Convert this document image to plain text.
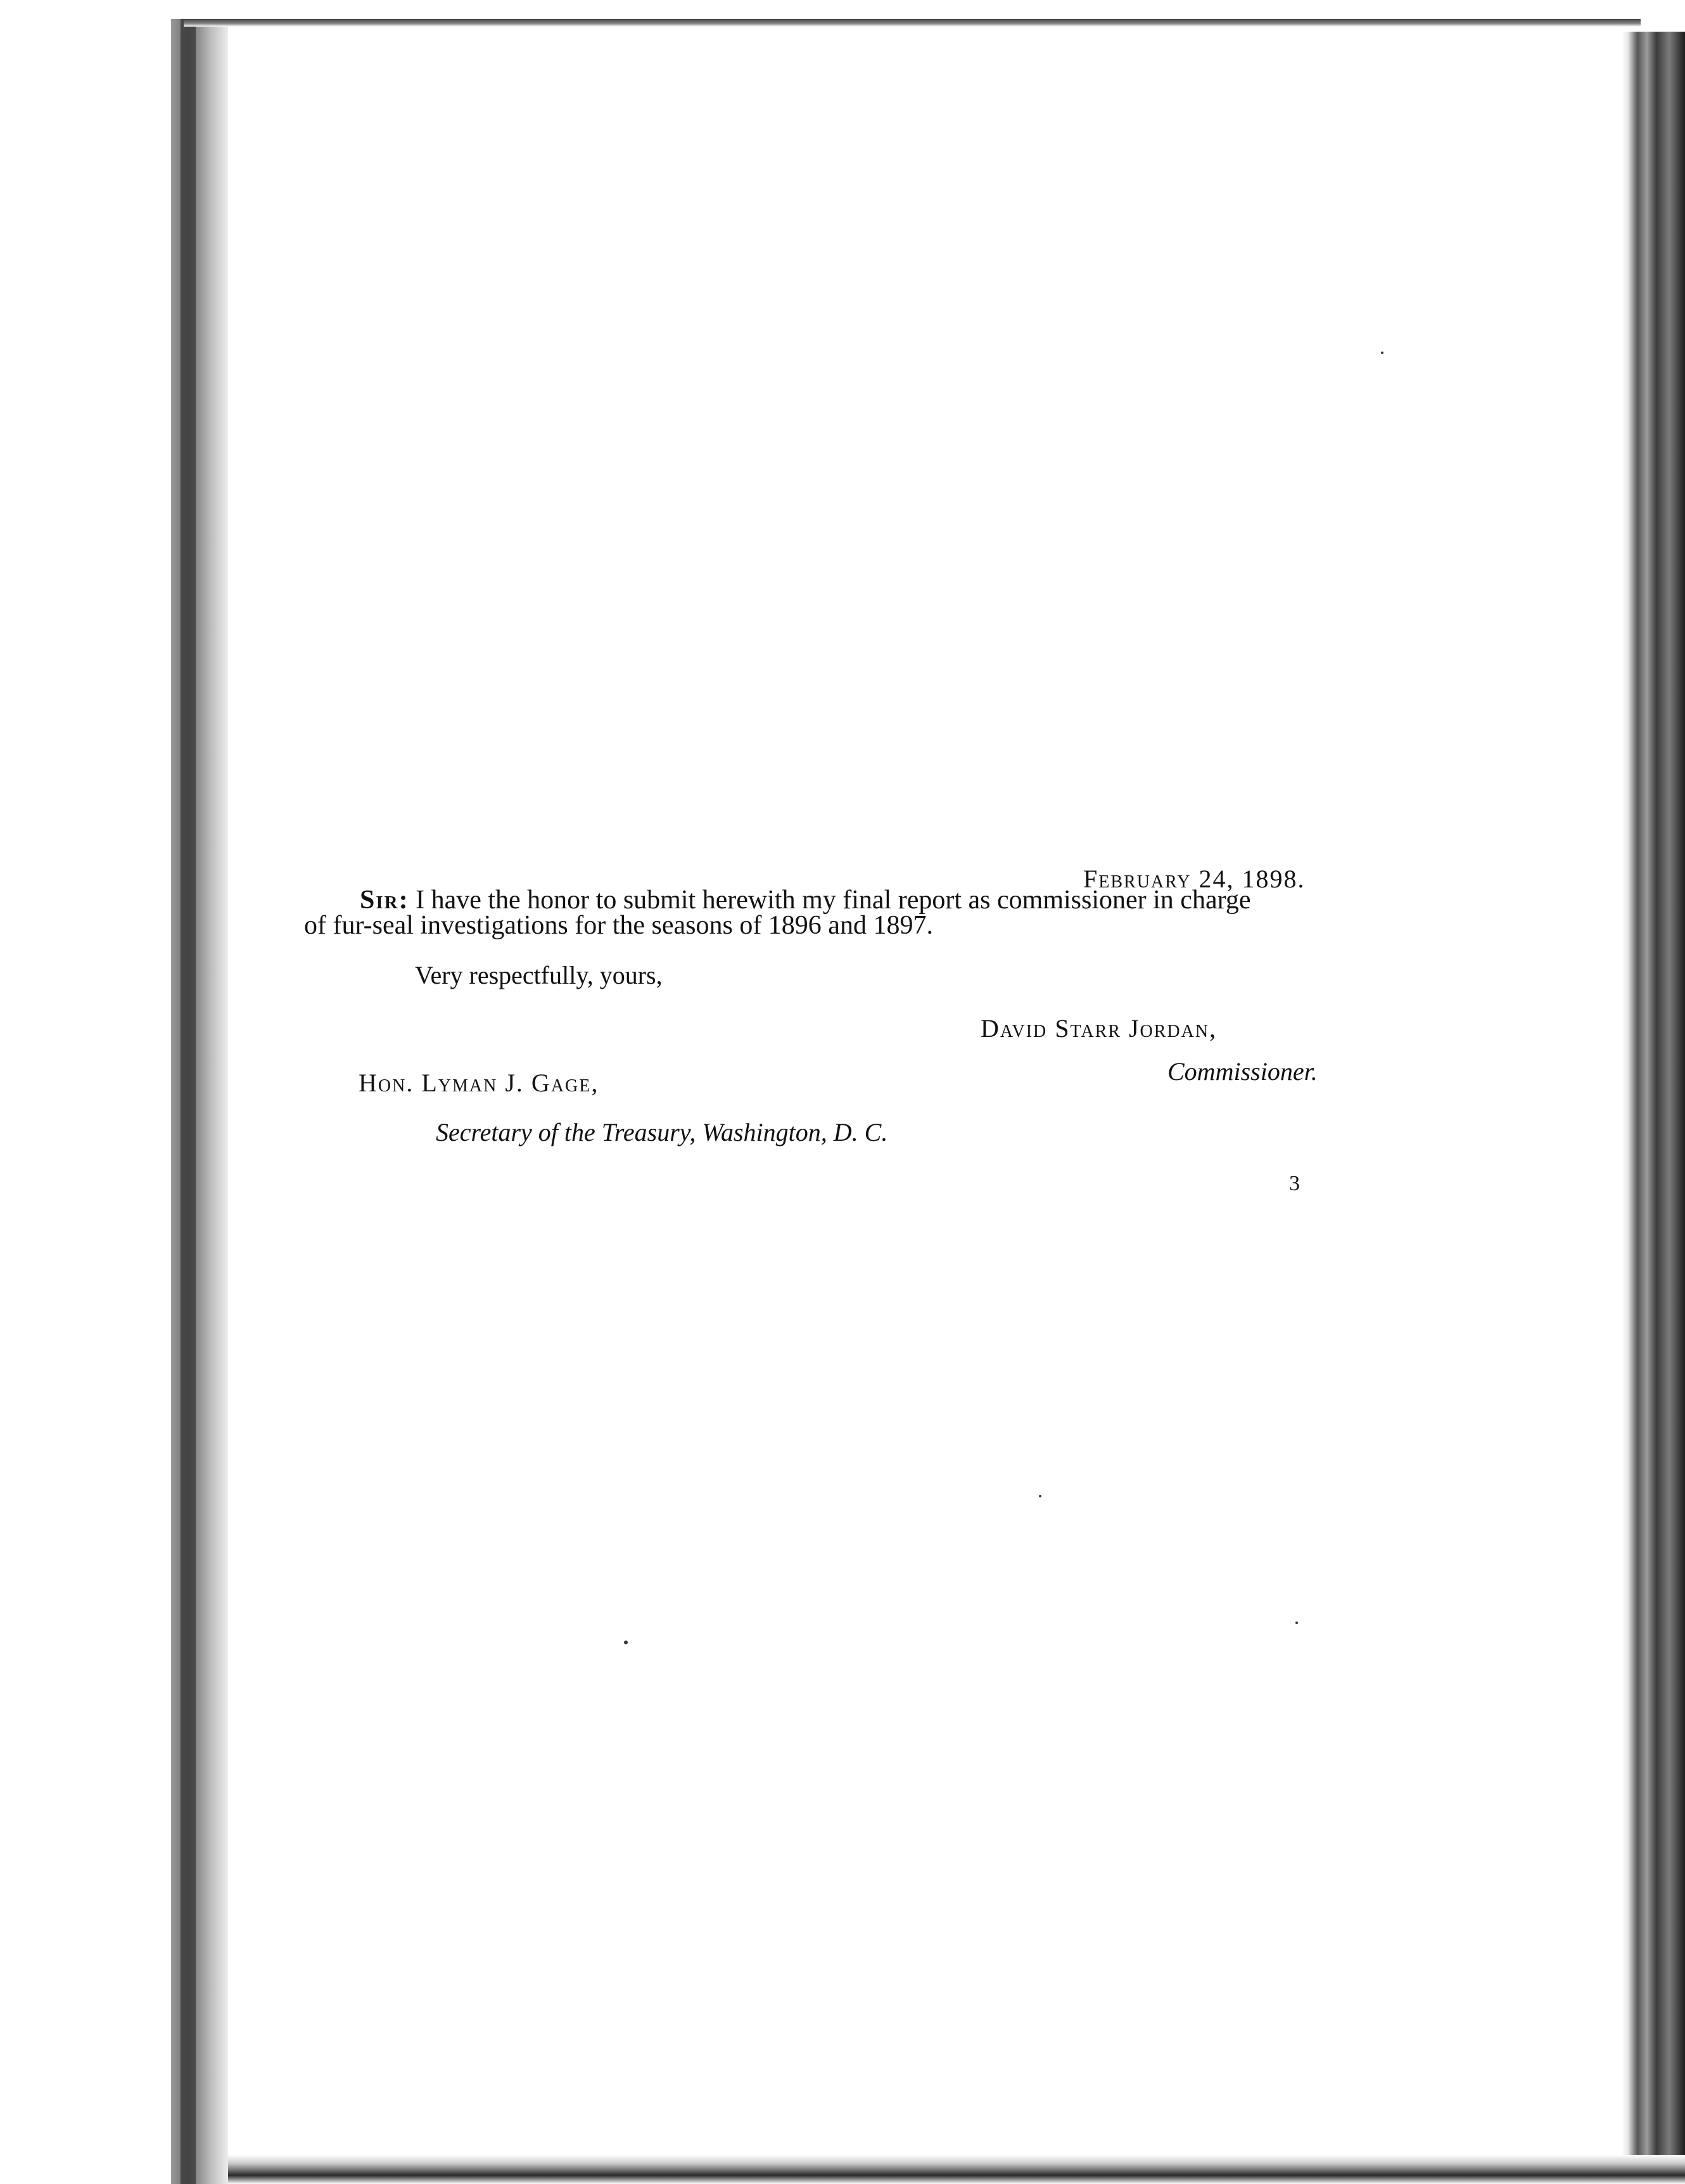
February 24, 1898.
Sir: I have the honor to submit herewith my final report as commissioner in charge
of fur-seal investigations for the seasons of 1896 and 1897.
Very respectfully, yours,
David Starr Jordan,
Commissioner.
Hon. Lyman J. Gage,
Secretary of the Treasury, Washington, D. C.
3
